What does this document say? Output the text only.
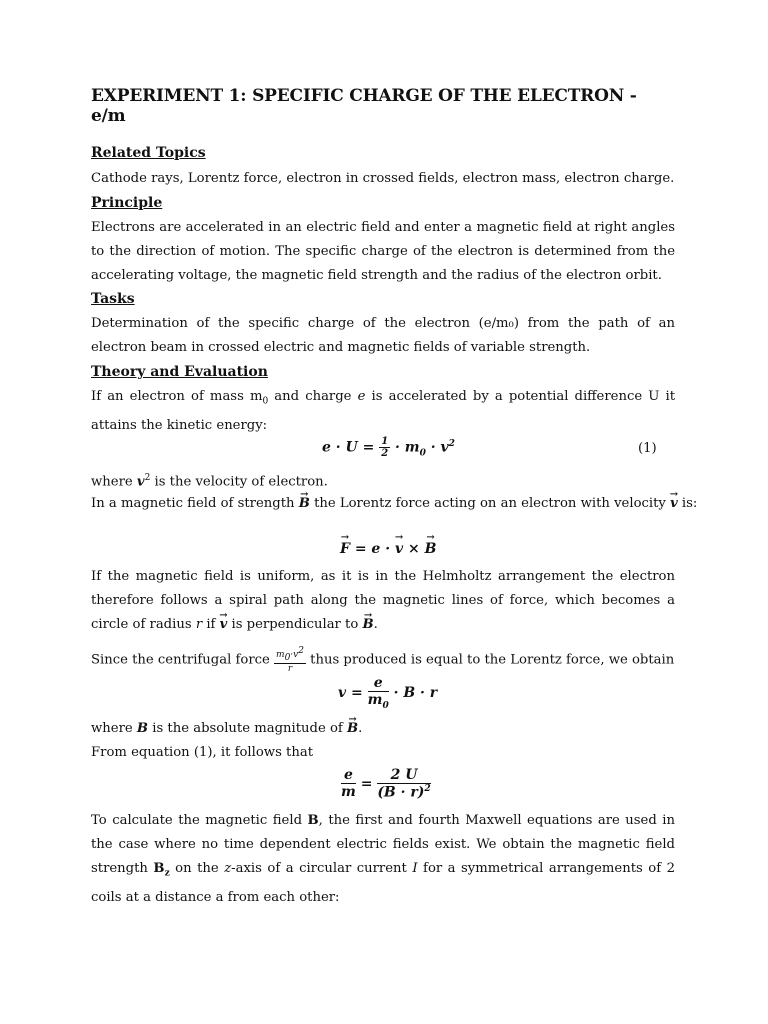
EXPERIMENT 1: SPECIFIC CHARGE OF THE ELECTRON - e/m
Related Topics
Cathode rays, Lorentz force, electron in crossed fields, electron mass, electron charge.
Principle
Electrons are accelerated in an electric field and enter a magnetic field at right angles to the direction of motion. The specific charge of the electron is determined from the accelerating voltage, the magnetic field strength and the radius of the electron orbit.
Tasks
Determination of the specific charge of the electron (e/m₀) from the path of an electron beam in crossed electric and magnetic fields of variable strength.
Theory and Evaluation
If an electron of mass $m_0$ and charge e is accelerated by a potential difference U it attains the kinetic energy:
$e \cdot U = \frac{1}{2} \cdot m_0 \cdot v^2$	(1)
where $v^2$ is the velocity of electron.
In a magnetic field of strength → B the Lorentz force acting on an electron with velocity → v is:
→ F = e · → v × → B
If the magnetic field is uniform, as it is in the Helmholtz arrangement the electron therefore follows a spiral path along the magnetic lines of force, which becomes a circle of radius r if → v is perpendicular to → B.
Since the centrifugal force $\frac{m_0\cdot v^2}{r}$ thus produced is equal to the Lorentz force, we obtain
$v = \frac{e}{m_0} \cdot B \cdot r$
where B is the absolute magnitude of → B.
From equation (1), it follows that
$\frac{e}{m} = \frac{2 U}{(B \cdot r)^2}$
To calculate the magnetic field B, the first and fourth Maxwell equations are used in the case where no time dependent electric fields exist. We obtain the magnetic field strength $B_z$ on the z-axis of a circular current I for a symmetrical arrangements of 2 coils at a distance a from each other:
